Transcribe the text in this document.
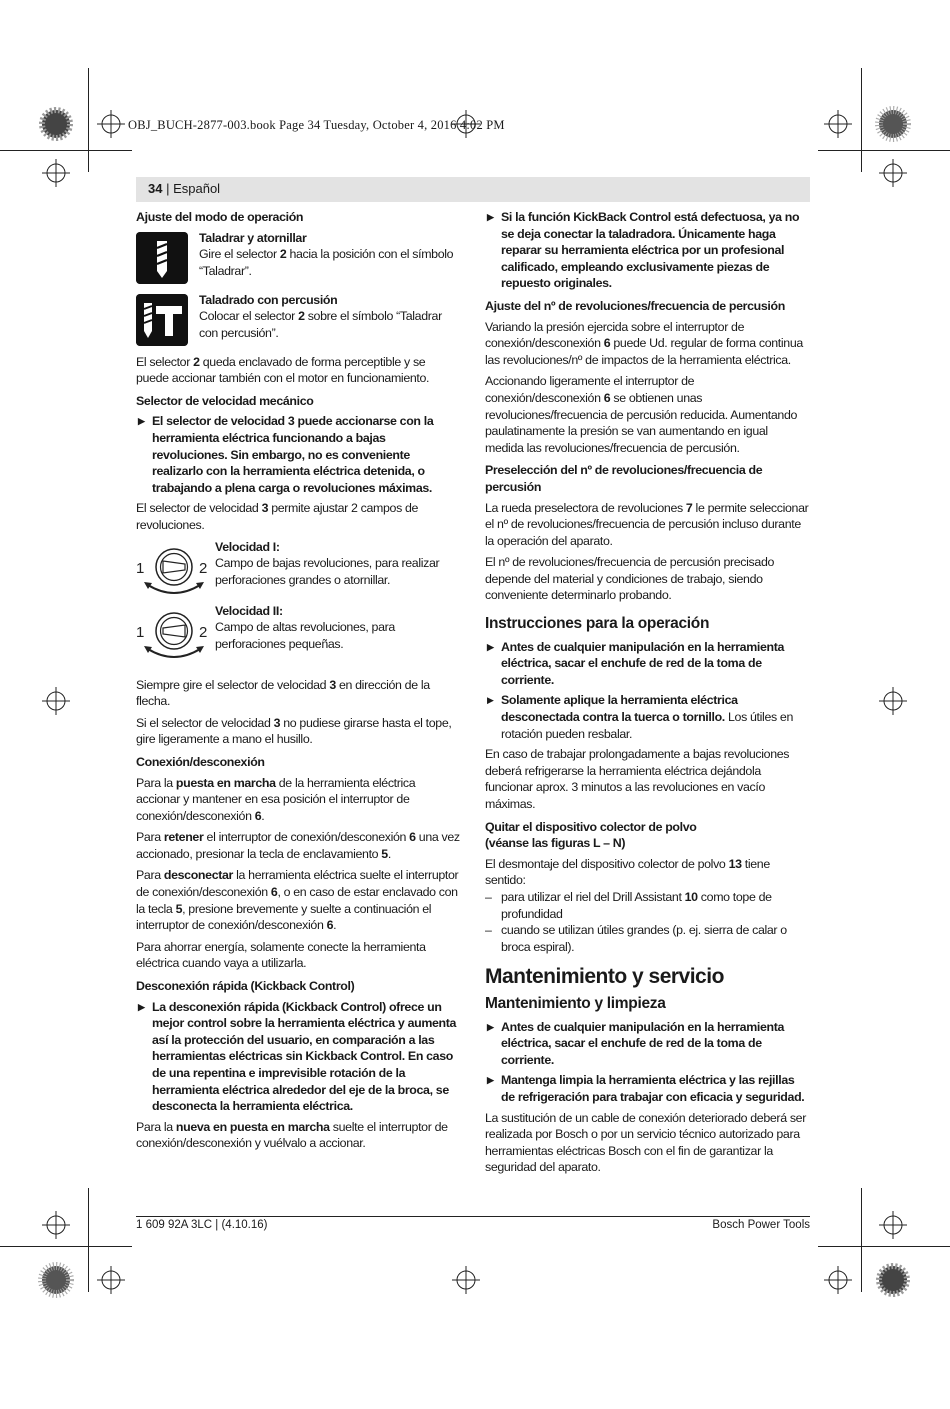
OBJ_BUCH-2877-003.book Page 34 Tuesday, October 4, 2016 4:02 PM
34 | Español
Ajuste del modo de operación
Taladrar y atornillar
Gire el selector 2 hacia la posición con el símbolo “Taladrar”.
Taladrado con percusión
Colocar el selector 2 sobre el símbolo “Taladrar con percusión”.
El selector 2 queda enclavado de forma perceptible y se puede accionar también con el motor en funcionamiento.
Selector de velocidad mecánico
▶ El selector de velocidad 3 puede accionarse con la herramienta eléctrica funcionando a bajas revoluciones. Sin embargo, no es conveniente realizarlo con la herramienta eléctrica detenida, o trabajando a plena carga o revoluciones máximas.
El selector de velocidad 3 permite ajustar 2 campos de revoluciones.
1	2
Velocidad I:
Campo de bajas revoluciones, para realizar perforaciones grandes o atornillar.
1	2
Velocidad II:
Campo de altas revoluciones, para perforaciones pequeñas.
Siempre gire el selector de velocidad 3 en dirección de la flecha.
Si el selector de velocidad 3 no pudiese girarse hasta el tope, gire ligeramente a mano el husillo.
Conexión/desconexión
Para la puesta en marcha de la herramienta eléctrica accionar y mantener en esa posición el interruptor de conexión/desconexión 6.
Para retener el interruptor de conexión/desconexión 6 una vez accionado, presionar la tecla de enclavamiento 5.
Para desconectar la herramienta eléctrica suelte el interruptor de conexión/desconexión 6, o en caso de estar enclavado con la tecla 5, presione brevemente y suelte a continuación el interruptor de conexión/desconexión 6.
Para ahorrar energía, solamente conecte la herramienta eléctrica cuando vaya a utilizarla.
Desconexión rápida (Kickback Control)
▶ La desconexión rápida (Kickback Control) ofrece un mejor control sobre la herramienta eléctrica y aumenta así la protección del usuario, en comparación a las herramientas eléctricas sin Kickback Control. En caso de una repentina e imprevisible rotación de la herramienta eléctrica alrededor del eje de la broca, se desconecta la herramienta eléctrica.
Para la nueva en puesta en marcha suelte el interruptor de conexión/desconexión y vuélvalo a accionar.
▶ Si la función KickBack Control está defectuosa, ya no se deja conectar la taladradora. Únicamente haga reparar su herramienta eléctrica por un profesional calificado, empleando exclusivamente piezas de repuesto originales.
Ajuste del nº de revoluciones/frecuencia de percusión
Variando la presión ejercida sobre el interruptor de conexión/desconexión 6 puede Ud. regular de forma continua las revoluciones/nº de impactos de la herramienta eléctrica.
Accionando ligeramente el interruptor de conexión/desconexión 6 se obtienen unas revoluciones/frecuencia de percusión reducida. Aumentando paulatinamente la presión se van aumentando en igual medida las revoluciones/frecuencia de percusión.
Preselección del nº de revoluciones/frecuencia de percusión
La rueda preselectora de revoluciones 7 le permite seleccionar el nº de revoluciones/frecuencia de percusión incluso durante la operación del aparato.
El nº de revoluciones/frecuencia de percusión precisado depende del material y condiciones de trabajo, siendo conveniente determinarlo probando.
Instrucciones para la operación
▶ Antes de cualquier manipulación en la herramienta eléctrica, sacar el enchufe de red de la toma de corriente.
▶ Solamente aplique la herramienta eléctrica desconectada contra la tuerca o tornillo. Los útiles en rotación pueden resbalar.
En caso de trabajar prolongadamente a bajas revoluciones deberá refrigerarse la herramienta eléctrica dejándola funcionar aprox. 3 minutos a las revoluciones en vacío máximas.
Quitar el dispositivo colector de polvo
(véanse las figuras L – N)
El desmontaje del dispositivo colector de polvo 13 tiene sentido:
– para utilizar el riel del Drill Assistant 10 como tope de profundidad
– cuando se utilizan útiles grandes (p. ej. sierra de calar o broca espiral).
Mantenimiento y servicio
Mantenimiento y limpieza
▶ Antes de cualquier manipulación en la herramienta eléctrica, sacar el enchufe de red de la toma de corriente.
▶ Mantenga limpia la herramienta eléctrica y las rejillas de refrigeración para trabajar con eficacia y seguridad.
La sustitución de un cable de conexión deteriorado deberá ser realizada por Bosch o por un servicio técnico autorizado para herramientas eléctricas Bosch con el fin de garantizar la seguridad del aparato.
1 609 92A 3LC | (4.10.16)	Bosch Power Tools
